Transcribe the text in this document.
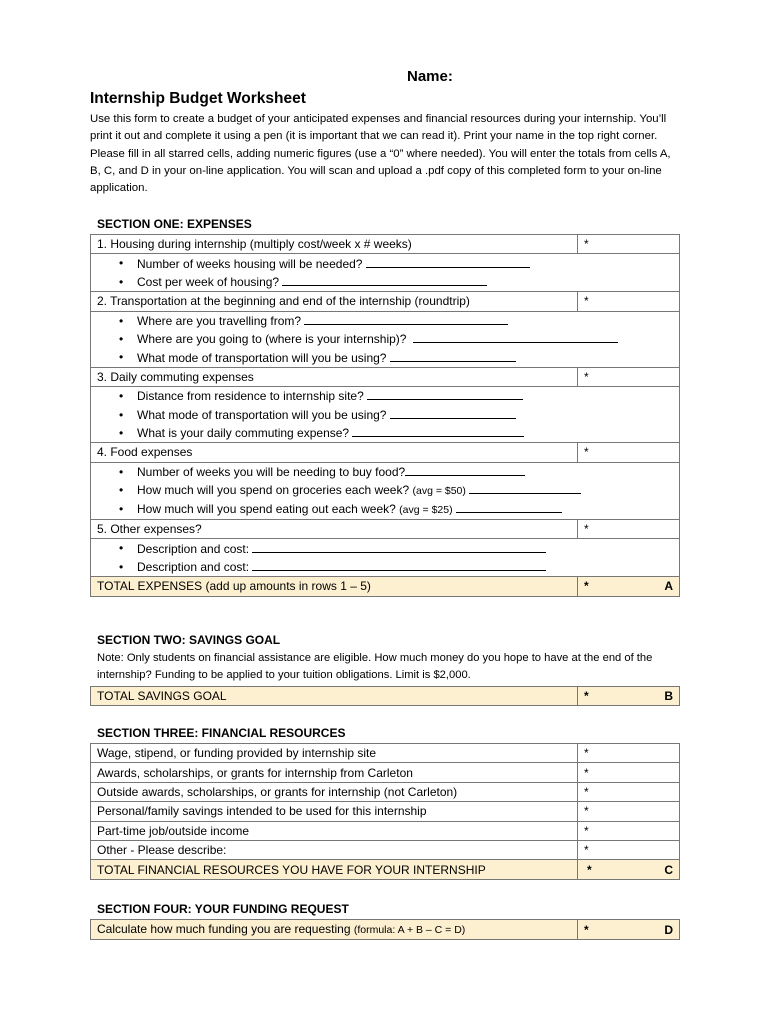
Name:
Internship Budget Worksheet
Use this form to create a budget of your anticipated expenses and financial resources during your internship. You’ll print it out and complete it using a pen (it is important that we can read it). Print your name in the top right corner. Please fill in all starred cells, adding numeric figures (use a “0” where needed). You will enter the totals from cells A, B, C, and D in your on-line application. You will scan and upload a .pdf copy of this completed form to your on-line application.
SECTION ONE: EXPENSES
1. Housing during internship (multiply cost/week x # weeks)	*

• Number of weeks housing will be needed?	

• Cost per week of housing?	
2. Transportation at the beginning and end of the internship (roundtrip)	*

• Where are you travelling from?	

• Where are you going to (where is your internship)?	

• What mode of transportation will you be using?	
3. Daily commuting expenses	*

• Distance from residence to internship site?	

• What mode of transportation will you be using?	

• What is your daily commuting expense?	
4. Food expenses	*

• Number of weeks you will be needing to buy food?	

• How much will you spend on groceries each week? (avg = $50)	

• How much will you spend eating out each week? (avg = $25)	
5. Other expenses?	*

• Description and cost:	

• Description and cost:	
TOTAL EXPENSES (add up amounts in rows 1 – 5)	* A
SECTION TWO: SAVINGS GOAL
Note: Only students on financial assistance are eligible. How much money do you hope to have at the end of the internship? Funding to be applied to your tuition obligations. Limit is $2,000.
TOTAL SAVINGS GOAL	*	B
SECTION THREE: FINANCIAL RESOURCES
Wage, stipend, or funding provided by internship site	*
Awards, scholarships, or grants for internship from Carleton	*
Outside awards, scholarships, or grants for internship (not Carleton)	*
Personal/family savings intended to be used for this internship	*
Part-time job/outside income	*
Other - Please describe:	*
TOTAL FINANCIAL RESOURCES YOU HAVE FOR YOUR INTERNSHIP	* C
SECTION FOUR: YOUR FUNDING REQUEST
Calculate how much funding you are requesting (formula: A + B – C = D)	*	D
